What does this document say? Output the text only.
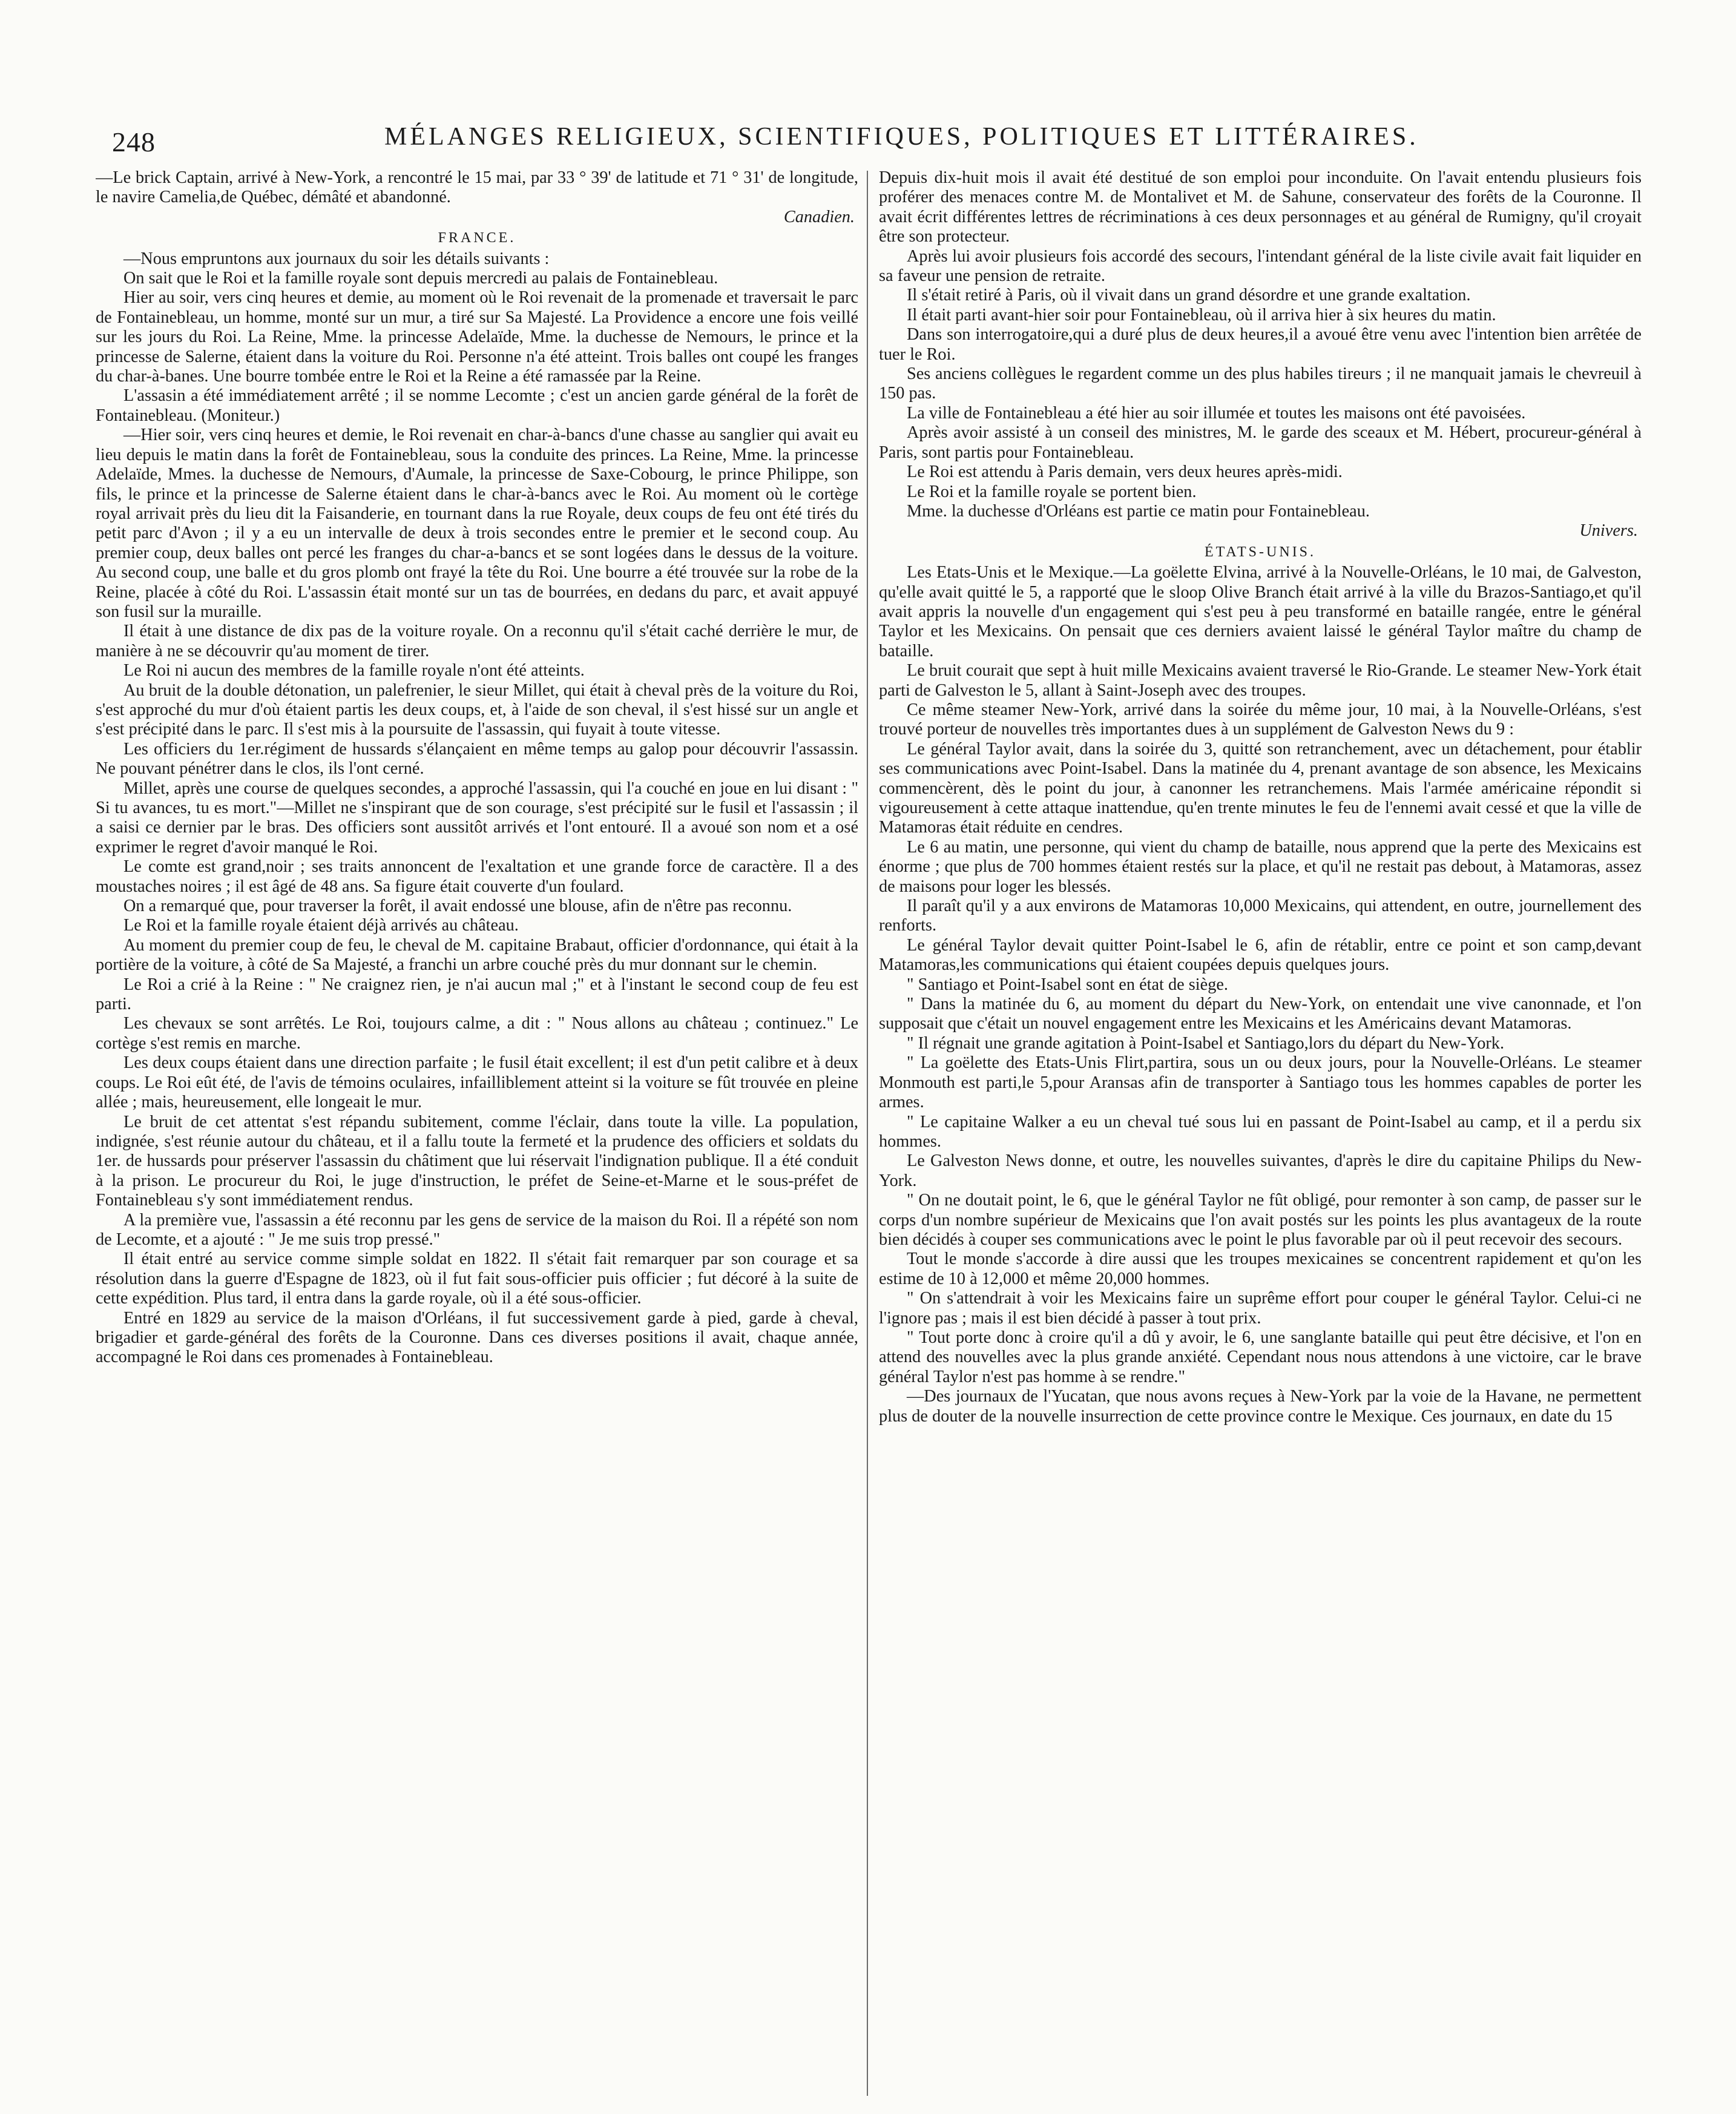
248	MÉLANGES RELIGIEUX, SCIENTIFIQUES, POLITIQUES ET LITTÉRAIRES.

—Le brick Captain, arrivé à New-York, a rencontré le 15 mai, par 33 ° 39' de latitude et 71 ° 31' de longitude, le navire Camelia,de Québec, démâté et abandonné.

Canadien.

FRANCE.

—Nous empruntons aux journaux du soir les détails suivants :

On sait que le Roi et la famille royale sont depuis mercredi au palais de Fontainebleau.

Hier au soir, vers cinq heures et demie, au moment où le Roi revenait de la promenade et traversait le parc de Fontainebleau, un homme, monté sur un mur, a tiré sur Sa Majesté. La Providence a encore une fois veillé sur les jours du Roi. La Reine, Mme. la princesse Adelaïde, Mme. la duchesse de Nemours, le prince et la princesse de Salerne, étaient dans la voiture du Roi. Personne n'a été atteint. Trois balles ont coupé les franges du char-à-banes. Une bourre tombée entre le Roi et la Reine a été ramassée par la Reine.

L'assasin a été immédiatement arrêté ; il se nomme Lecomte ; c'est un ancien garde général de la forêt de Fontainebleau. (Moniteur.)

—Hier soir, vers cinq heures et demie, le Roi revenait en char-à-bancs d'une chasse au sanglier qui avait eu lieu depuis le matin dans la forêt de Fontainebleau, sous la conduite des princes. La Reine, Mme. la princesse Adelaïde, Mmes. la duchesse de Nemours, d'Aumale, la princesse de Saxe-Cobourg, le prince Philippe, son fils, le prince et la princesse de Salerne étaient dans le char-à-bancs avec le Roi. Au moment où le cortège royal arrivait près du lieu dit la Faisanderie, en tournant dans la rue Royale, deux coups de feu ont été tirés du petit parc d'Avon ; il y a eu un intervalle de deux à trois secondes entre le premier et le second coup. Au premier coup, deux balles ont percé les franges du char-a-bancs et se sont logées dans le dessus de la voiture. Au second coup, une balle et du gros plomb ont frayé la tête du Roi. Une bourre a été trouvée sur la robe de la Reine, placée à côté du Roi. L'assassin était monté sur un tas de bourrées, en dedans du parc, et avait appuyé son fusil sur la muraille.

Il était à une distance de dix pas de la voiture royale. On a reconnu qu'il s'était caché derrière le mur, de manière à ne se découvrir qu'au moment de tirer.

Le Roi ni aucun des membres de la famille royale n'ont été atteints.

Au bruit de la double détonation, un palefrenier, le sieur Millet, qui était à cheval près de la voiture du Roi, s'est approché du mur d'où étaient partis les deux coups, et, à l'aide de son cheval, il s'est hissé sur un angle et s'est précipité dans le parc. Il s'est mis à la poursuite de l'assassin, qui fuyait à toute vitesse.

Les officiers du 1er.régiment de hussards s'élançaient en même temps au galop pour découvrir l'assassin. Ne pouvant pénétrer dans le clos, ils l'ont cerné.

Millet, après une course de quelques secondes, a approché l'assassin, qui l'a couché en joue en lui disant : " Si tu avances, tu es mort."—Millet ne s'inspirant que de son courage, s'est précipité sur le fusil et l'assassin ; il a saisi ce dernier par le bras. Des officiers sont aussitôt arrivés et l'ont entouré. Il a avoué son nom et a osé exprimer le regret d'avoir manqué le Roi.

Le comte est grand,noir ; ses traits annoncent de l'exaltation et une grande force de caractère. Il a des moustaches noires ; il est âgé de 48 ans. Sa figure était couverte d'un foulard.

On a remarqué que, pour traverser la forêt, il avait endossé une blouse, afin de n'être pas reconnu.

Le Roi et la famille royale étaient déjà arrivés au château.

Au moment du premier coup de feu, le cheval de M. capitaine Brabaut, officier d'ordonnance, qui était à la portière de la voiture, à côté de Sa Majesté, a franchi un arbre couché près du mur donnant sur le chemin.

Le Roi a crié à la Reine : " Ne craignez rien, je n'ai aucun mal ;" et à l'instant le second coup de feu est parti.

Les chevaux se sont arrêtés. Le Roi, toujours calme, a dit : " Nous allons au château ; continuez." Le cortège s'est remis en marche.

Les deux coups étaient dans une direction parfaite ; le fusil était excellent; il est d'un petit calibre et à deux coups. Le Roi eût été, de l'avis de témoins oculaires, infailliblement atteint si la voiture se fût trouvée en pleine allée ; mais, heureusement, elle longeait le mur.

Le bruit de cet attentat s'est répandu subitement, comme l'éclair, dans toute la ville. La population, indignée, s'est réunie autour du château, et il a fallu toute la fermeté et la prudence des officiers et soldats du 1er. de hussards pour préserver l'assassin du châtiment que lui réservait l'indignation publique. Il a été conduit à la prison. Le procureur du Roi, le juge d'instruction, le préfet de Seine-et-Marne et le sous-préfet de Fontainebleau s'y sont immédiatement rendus.

A la première vue, l'assassin a été reconnu par les gens de service de la maison du Roi. Il a répété son nom de Lecomte, et a ajouté : " Je me suis trop pressé."

Il était entré au service comme simple soldat en 1822. Il s'était fait remarquer par son courage et sa résolution dans la guerre d'Espagne de 1823, où il fut fait sous-officier puis officier ; fut décoré à la suite de cette expédition. Plus tard, il entra dans la garde royale, où il a été sous-officier.

Entré en 1829 au service de la maison d'Orléans, il fut successivement garde à pied, garde à cheval, brigadier et garde-général des forêts de la Couronne. Dans ces diverses positions il avait, chaque année, accompagné le Roi dans ces promenades à Fontainebleau.

Depuis dix-huit mois il avait été destitué de son emploi pour inconduite. On l'avait entendu plusieurs fois proférer des menaces contre M. de Montalivet et M. de Sahune, conservateur des forêts de la Couronne. Il avait écrit différentes lettres de récriminations à ces deux personnages et au général de Rumigny, qu'il croyait être son protecteur.

Après lui avoir plusieurs fois accordé des secours, l'intendant général de la liste civile avait fait liquider en sa faveur une pension de retraite.

Il s'était retiré à Paris, où il vivait dans un grand désordre et une grande exaltation.

Il était parti avant-hier soir pour Fontainebleau, où il arriva hier à six heures du matin.

Dans son interrogatoire,qui a duré plus de deux heures,il a avoué être venu avec l'intention bien arrêtée de tuer le Roi.

Ses anciens collègues le regardent comme un des plus habiles tireurs ; il ne manquait jamais le chevreuil à 150 pas.

La ville de Fontainebleau a été hier au soir illumée et toutes les maisons ont été pavoisées.

Après avoir assisté à un conseil des ministres, M. le garde des sceaux et M. Hébert, procureur-général à Paris, sont partis pour Fontainebleau.

Le Roi est attendu à Paris demain, vers deux heures après-midi.

Le Roi et la famille royale se portent bien.

Mme. la duchesse d'Orléans est partie ce matin pour Fontainebleau.

Univers.

ÉTATS-UNIS.

Les Etats-Unis et le Mexique.—La goëlette Elvina, arrivé à la Nouvelle-Orléans, le 10 mai, de Galveston, qu'elle avait quitté le 5, a rapporté que le sloop Olive Branch était arrivé à la ville du Brazos-Santiago,et qu'il avait appris la nouvelle d'un engagement qui s'est peu à peu transformé en bataille rangée, entre le général Taylor et les Mexicains. On pensait que ces derniers avaient laissé le général Taylor maître du champ de bataille.

Le bruit courait que sept à huit mille Mexicains avaient traversé le Rio-Grande. Le steamer New-York était parti de Galveston le 5, allant à Saint-Joseph avec des troupes.

Ce même steamer New-York, arrivé dans la soirée du même jour, 10 mai, à la Nouvelle-Orléans, s'est trouvé porteur de nouvelles très importantes dues à un supplément de Galveston News du 9 :

Le général Taylor avait, dans la soirée du 3, quitté son retranchement, avec un détachement, pour établir ses communications avec Point-Isabel. Dans la matinée du 4, prenant avantage de son absence, les Mexicains commencèrent, dès le point du jour, à canonner les retranchemens. Mais l'armée américaine répondit si vigoureusement à cette attaque inattendue, qu'en trente minutes le feu de l'ennemi avait cessé et que la ville de Matamoras était réduite en cendres.

Le 6 au matin, une personne, qui vient du champ de bataille, nous apprend que la perte des Mexicains est énorme ; que plus de 700 hommes étaient restés sur la place, et qu'il ne restait pas debout, à Matamoras, assez de maisons pour loger les blessés.

Il paraît qu'il y a aux environs de Matamoras 10,000 Mexicains, qui attendent, en outre, journellement des renforts.

Le général Taylor devait quitter Point-Isabel le 6, afin de rétablir, entre ce point et son camp,devant Matamoras,les communications qui étaient coupées depuis quelques jours.

" Santiago et Point-Isabel sont en état de siège.

" Dans la matinée du 6, au moment du départ du New-York, on entendait une vive canonnade, et l'on supposait que c'était un nouvel engagement entre les Mexicains et les Américains devant Matamoras.

" Il régnait une grande agitation à Point-Isabel et Santiago,lors du départ du New-York.

" La goëlette des Etats-Unis Flirt,partira, sous un ou deux jours, pour la Nouvelle-Orléans. Le steamer Monmouth est parti,le 5,pour Aransas afin de transporter à Santiago tous les hommes capables de porter les armes.

" Le capitaine Walker a eu un cheval tué sous lui en passant de Point-Isabel au camp, et il a perdu six hommes.

Le Galveston News donne, et outre, les nouvelles suivantes, d'après le dire du capitaine Philips du New-York.

" On ne doutait point, le 6, que le général Taylor ne fût obligé, pour remonter à son camp, de passer sur le corps d'un nombre supérieur de Mexicains que l'on avait postés sur les points les plus avantageux de la route bien décidés à couper ses communications avec le point le plus favorable par où il peut recevoir des secours.

Tout le monde s'accorde à dire aussi que les troupes mexicaines se concentrent rapidement et qu'on les estime de 10 à 12,000 et même 20,000 hommes.

" On s'attendrait à voir les Mexicains faire un suprême effort pour couper le général Taylor. Celui-ci ne l'ignore pas ; mais il est bien décidé à passer à tout prix.

" Tout porte donc à croire qu'il a dû y avoir, le 6, une sanglante bataille qui peut être décisive, et l'on en attend des nouvelles avec la plus grande anxiété. Cependant nous nous attendons à une victoire, car le brave général Taylor n'est pas homme à se rendre."

—Des journaux de l'Yucatan, que nous avons reçues à New-York par la voie de la Havane, ne permettent plus de douter de la nouvelle insurrection de cette province contre le Mexique. Ces journaux, en date du 15
